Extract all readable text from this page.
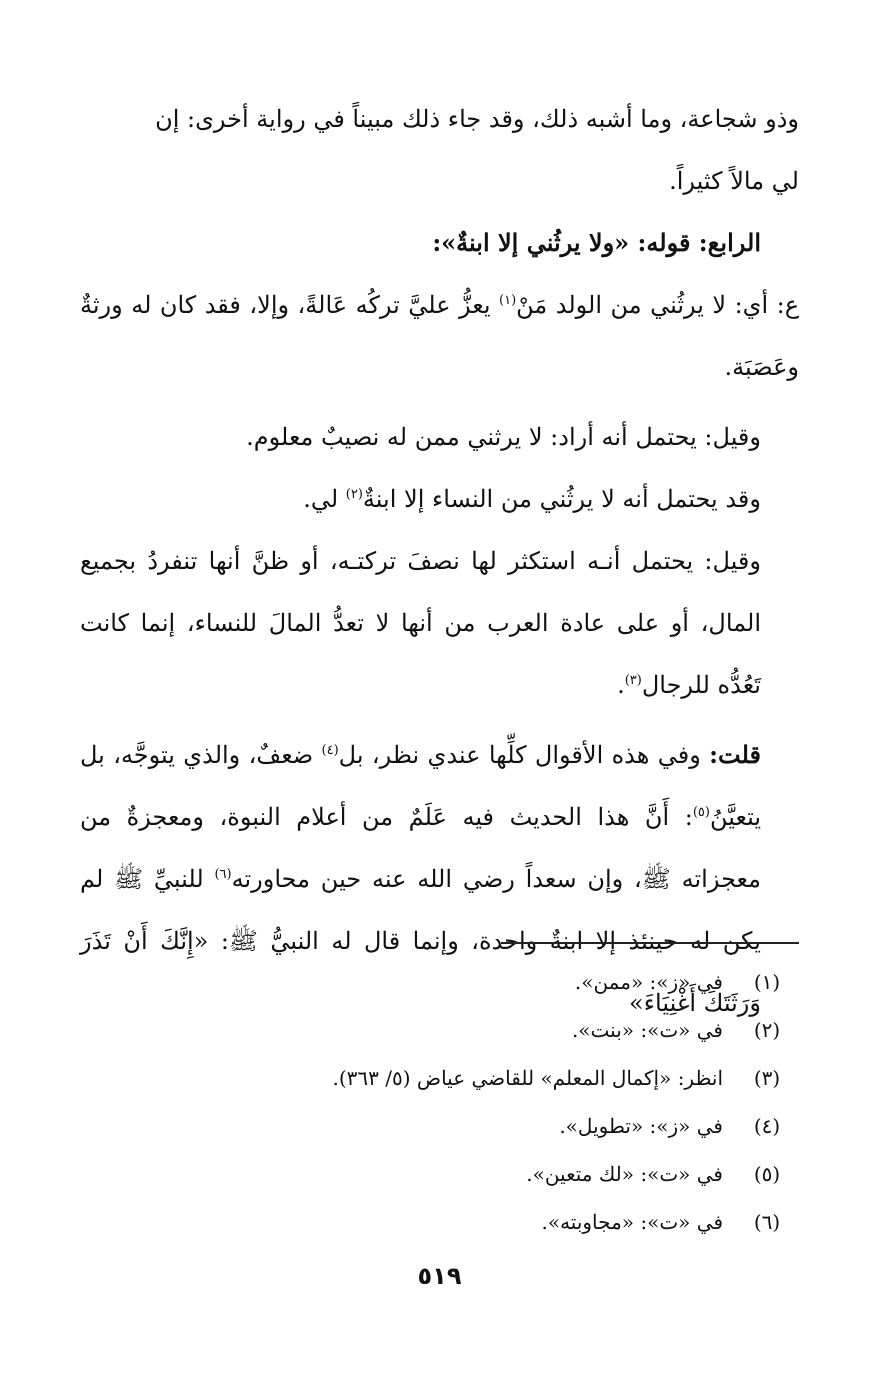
وذو شجاعة، وما أشبه ذلك، وقد جاء ذلك مبيناً في رواية أخرى: إن
لي مالاً كثيراً.

الرابع: قوله: «ولا يرثُني إلا ابنةٌ»:

ع: أي: لا يرثُني من الولد مَنْ$^{(١)}$ يعزُّ عليَّ تركُه عَالةً، وإلا، فقد كان له ورثةٌ وعَصَبَة.

وقيل: يحتمل أنه أراد: لا يرثني ممن له نصيبٌ معلوم.

وقد يحتمل أنه لا يرثُني من النساء إلا ابنةٌ$^{(٢)}$ لي.

وقيل: يحتمل أنـه استكثر لها نصفَ تركتـه، أو ظنَّ أنها تنفردُ بجميع المال، أو على عادة العرب من أنها لا تعدُّ المالَ للنساء، إنما كانت تَعُدُّه للرجال$^{(٣)}$.

قلت: وفي هذه الأقوال كلِّها عندي نظر، بل$^{(٤)}$ ضعفٌ، والذي يتوجَّه، بل يتعيَّنُ$^{(٥)}$: أَنَّ هذا الحديث فيه عَلَمٌ من أعلام النبوة، ومعجزةٌ من معجزاته ﷺ، وإن سعداً رضي الله عنه حين محاورته$^{(٦)}$ للنبيِّ ﷺ لم يكن له حينئذ إلا ابنةٌ واحدة، وإنما قال له النبيُّ ﷺ: «إِنَّكَ أَنْ تَذَرَ وَرَثَتَكَ أَغْنِيَاءَ»

(١)
في «ز»: «ممن».
(٢)
في «ت»: «بنت».
(٣)
انظر: «إكمال المعلم» للقاضي عياض (٥/ ٣٦٣).
(٤)
في «ز»: «تطويل».
(٥)
في «ت»: «لك متعين».
(٦)
في «ت»: «مجاوبته».
٥١٩
